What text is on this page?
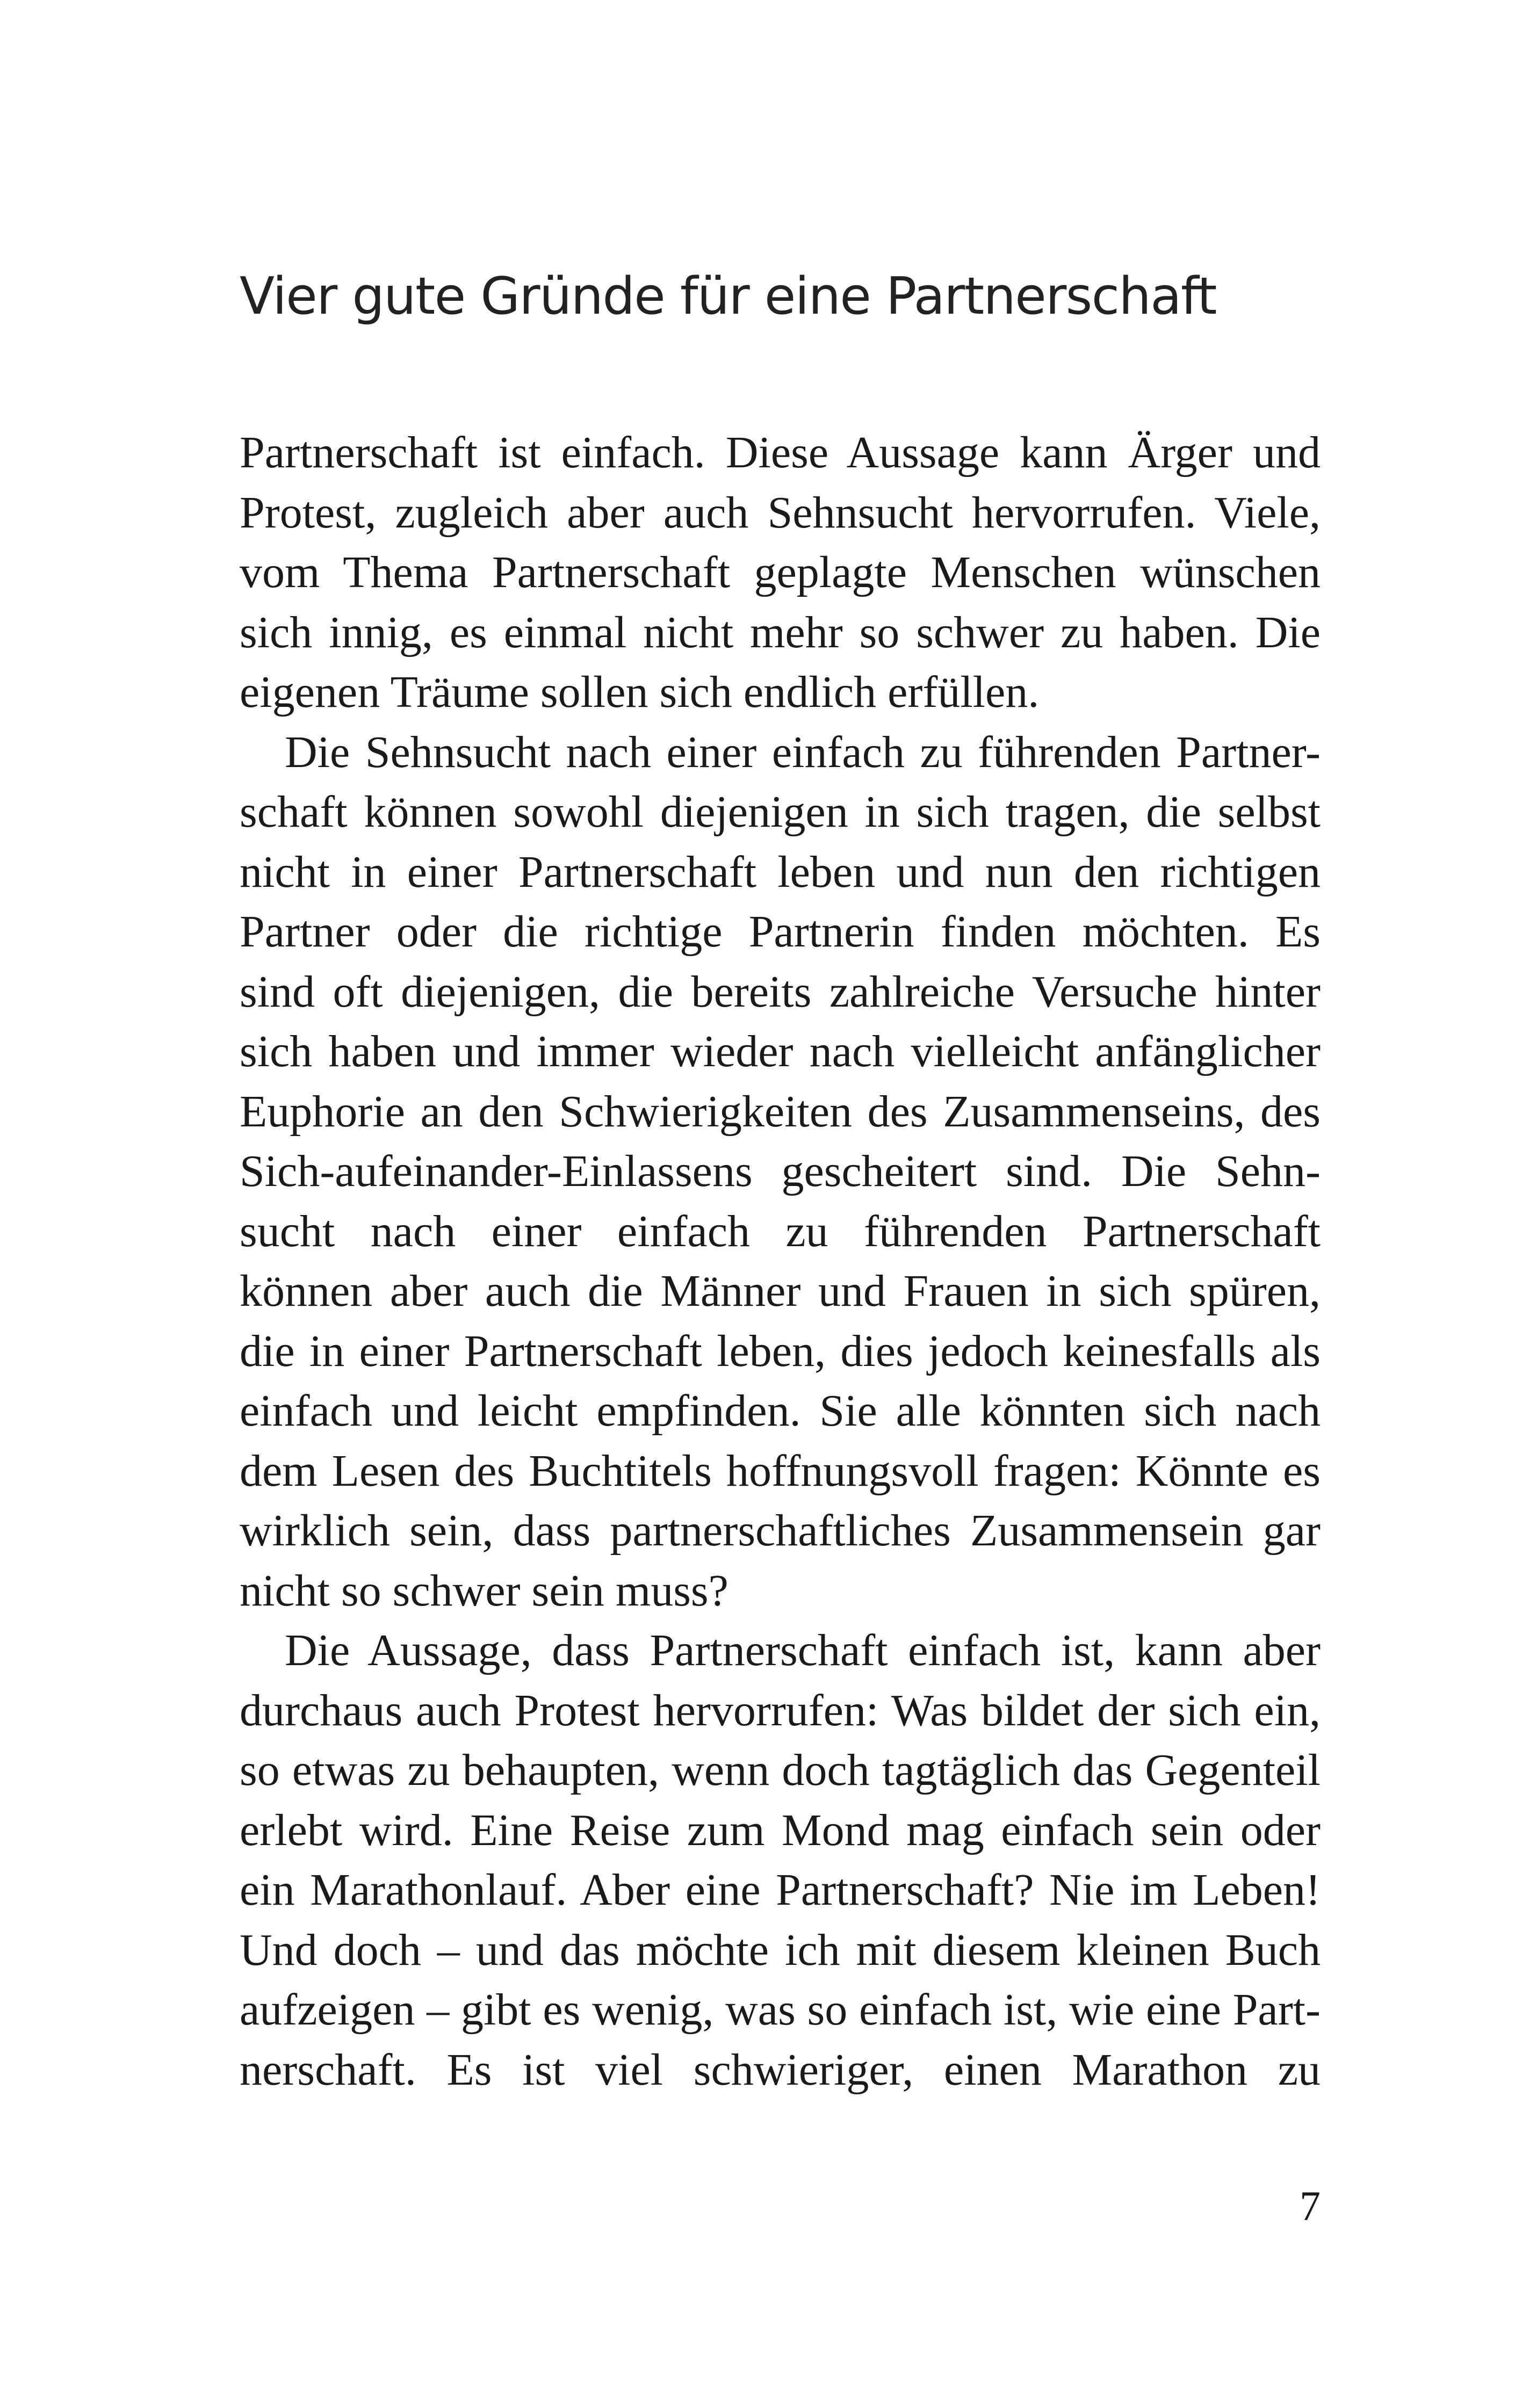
Vier gute Gründe für eine Partnerschaft
Partnerschaft ist einfach. Diese Aussage kann Ärger und
Protest, zugleich aber auch Sehnsucht hervorrufen. Viele,
vom Thema Partnerschaft geplagte Menschen wünschen
sich innig, es einmal nicht mehr so schwer zu haben. Die
eigenen Träume sollen sich endlich erfüllen.
Die Sehnsucht nach einer einfach zu führenden Partner-
schaft können sowohl diejenigen in sich tragen, die selbst
nicht in einer Partnerschaft leben und nun den richtigen
Partner oder die richtige Partnerin finden möchten. Es
sind oft diejenigen, die bereits zahlreiche Versuche hinter
sich haben und immer wieder nach vielleicht anfänglicher
Euphorie an den Schwierigkeiten des Zusammenseins, des
Sich-aufeinander-Einlassens gescheitert sind. Die Sehn-
sucht nach einer einfach zu führenden Partnerschaft
können aber auch die Männer und Frauen in sich spüren,
die in einer Partnerschaft leben, dies jedoch keinesfalls als
einfach und leicht empfinden. Sie alle könnten sich nach
dem Lesen des Buchtitels hoffnungsvoll fragen: Könnte es
wirklich sein, dass partnerschaftliches Zusammensein gar
nicht so schwer sein muss?
Die Aussage, dass Partnerschaft einfach ist, kann aber
durchaus auch Protest hervorrufen: Was bildet der sich ein,
so etwas zu behaupten, wenn doch tagtäglich das Gegenteil
erlebt wird. Eine Reise zum Mond mag einfach sein oder
ein Marathonlauf. Aber eine Partnerschaft? Nie im Leben!
Und doch – und das möchte ich mit diesem kleinen Buch
aufzeigen – gibt es wenig, was so einfach ist, wie eine Part-
nerschaft. Es ist viel schwieriger, einen Marathon zu
7
